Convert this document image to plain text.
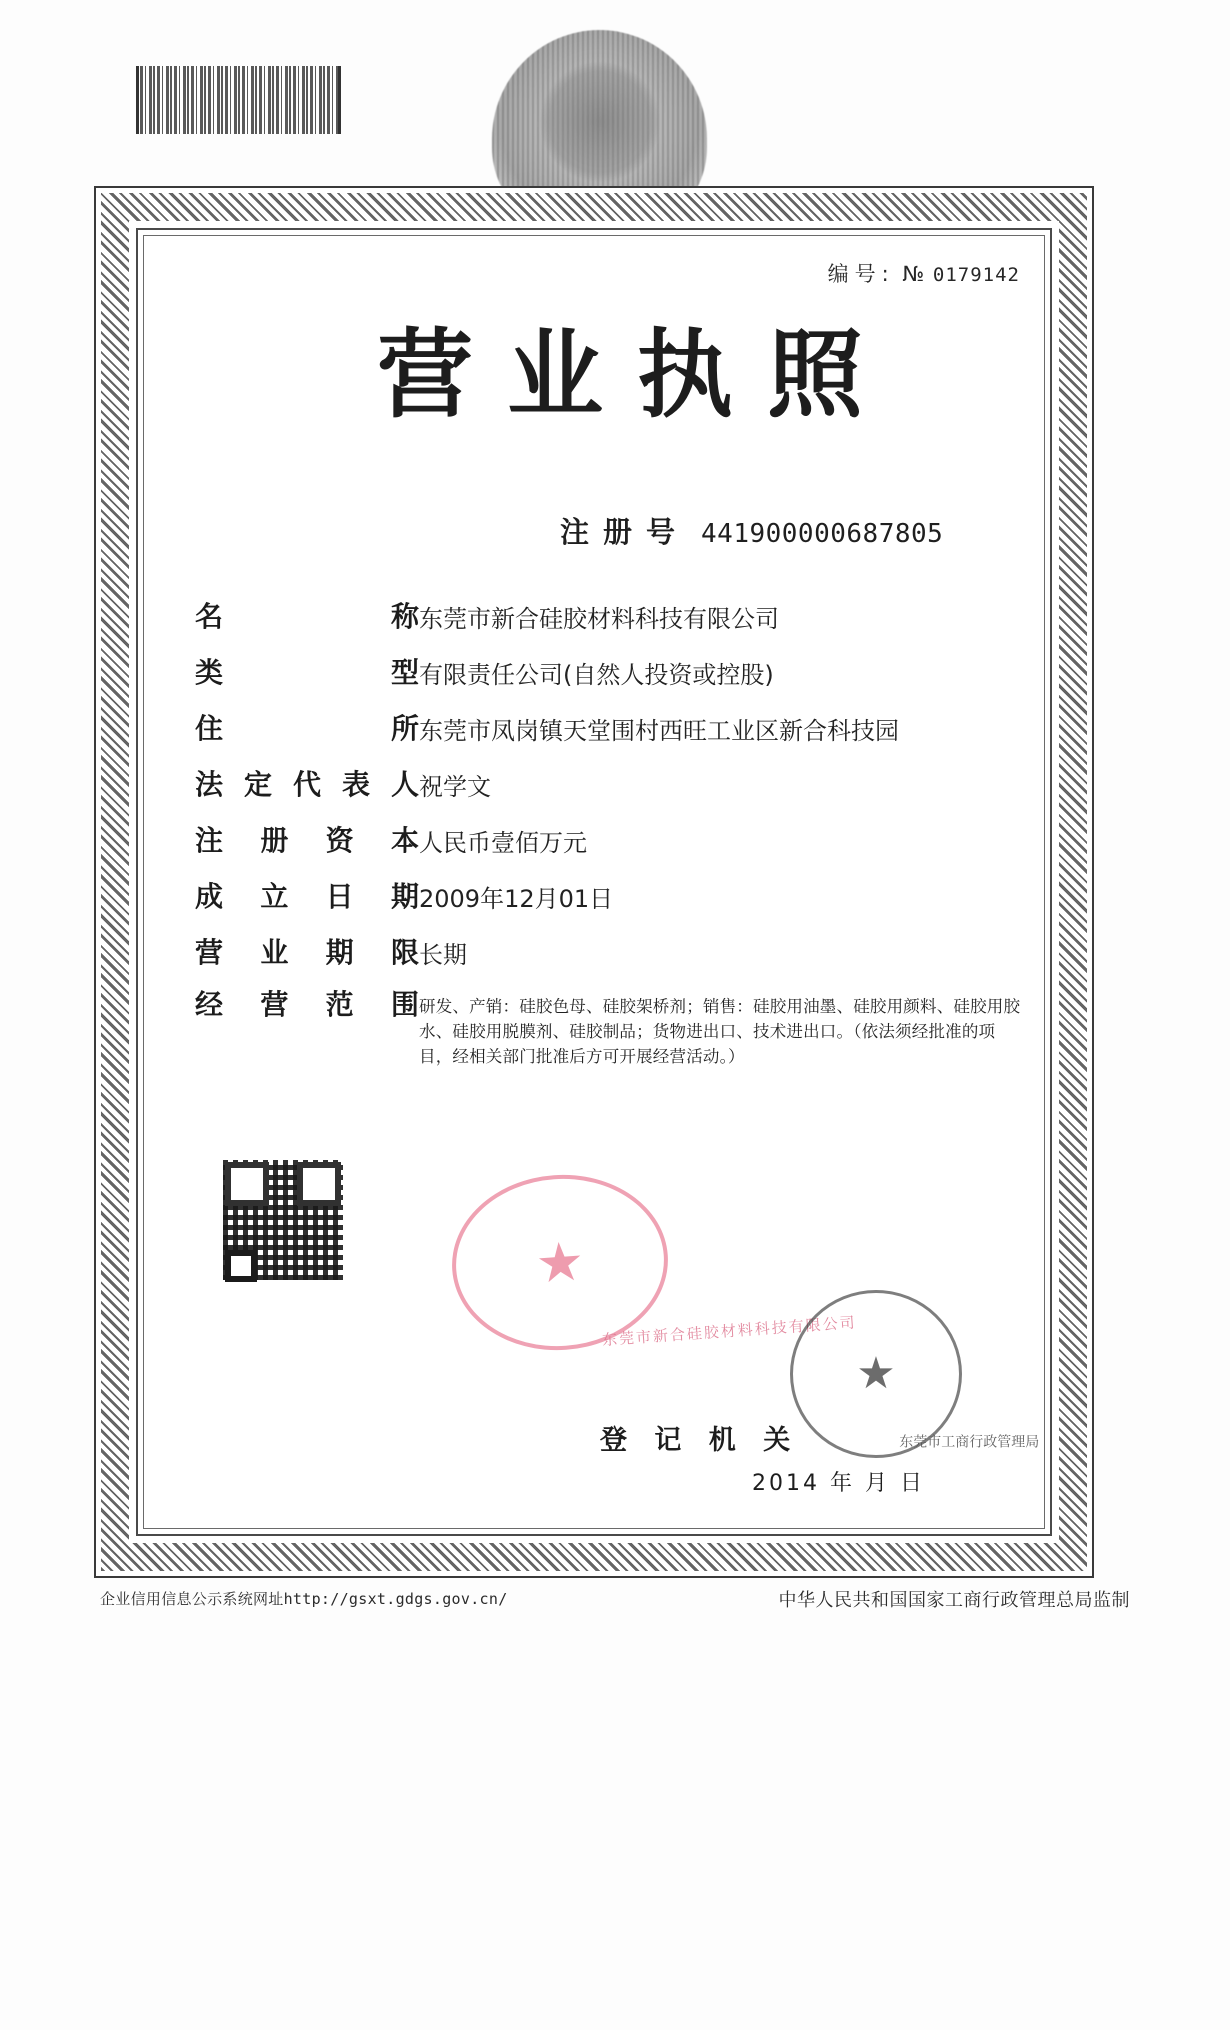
编号: № 0179142
营业执照
注册号 441900000687805
名	称 东莞市新合硅胶材料科技有限公司
类	型 有限责任公司(自然人投资或控股)
住	所 东莞市凤岗镇天堂围村西旺工业区新合科技园
法 定 代 表 人 祝学文
注 册 资 本 人民币壹佰万元
成 立 日 期 2009年12月01日
营 业 期 限 长期
经 营 范 围 研发、产销：硅胶色母、硅胶架桥剂；销售：硅胶用油墨、硅胶用颜料、硅胶用胶水、硅胶用脱膜剂、硅胶制品；货物进出口、技术进出口。（依法须经批准的项目，经相关部门批准后方可开展经营活动。）
★
东莞市新合硅胶材料科技有限公司
★
东莞市工商行政管理局
登 记 机 关
2014 年 月 日
企业信用信息公示系统网址http://gsxt.gdgs.gov.cn/	中华人民共和国国家工商行政管理总局监制
